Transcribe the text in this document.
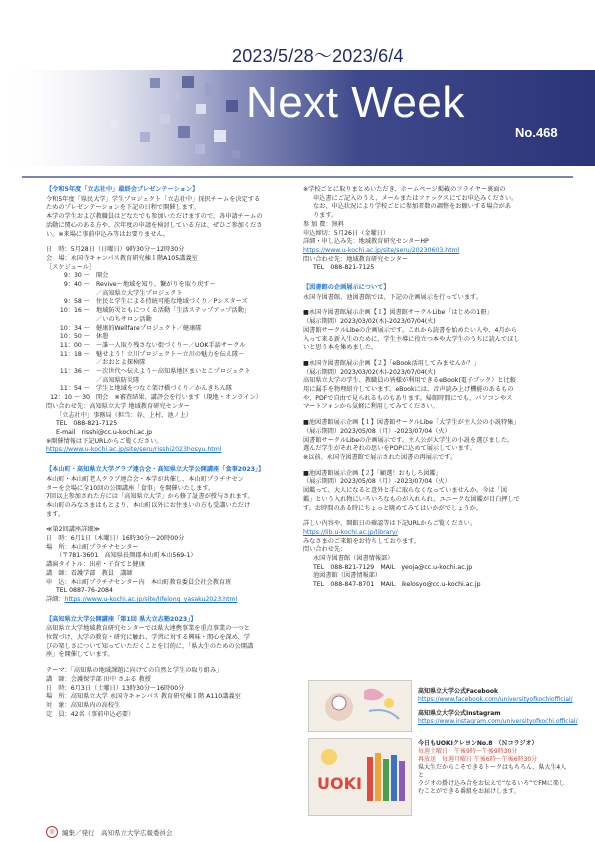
2023/5/28～2023/6/4
Next Week
No.468
【令和5年度「立志社中」最終会プレゼンテーション】

令和5年度「県民大学」学生プロジェクト「立志社中」採択チームを決定する

ためのプレゼンテーションを下記の日程で開催します。

本学の学生および教職員はどなたでも参加いただけますので、各申請チームの

活動に関心のある方や、次年度の申請を検討している方は、ぜひご参加くださ

い。※来場に事前申込み等はお要りません。

日　時：5月28日（日曜日）9時30分～12時30分

会　場：永国寺キャンパス教育研究棟１階A105講義室

［スケジュール］

9：30 〜 開会
9：40 〜 Revive〜地域を知り、繋がりを取り戻す〜
／高知県立大学生プロジェクト
9：58 〜 住民と学生による持続可能な地域づくり／Pシスターズ
10：16 〜 地域防災ともにつくる活動「生活ステップアップ活動」
／いのちサロン活動
10：34 〜 健康的Wellfareプロジェクト／健康隊
10：50 〜 休憩
11：00 〜 〜誰一人取り残さない街づくり〜／UOK手話サークル
11：18 〜 魅せよう！立川プロジェクト〜立川の魅力を伝え隊〜
／おおとよ探検隊
11：36 〜 〜次世代へ伝えよう〜高知県地区まいとこプロジェクト
／高知県防災隊
11：54 〜 学生と地域をつなぐ架け橋づくり／かんきちん隊
12：10 〜 30 閉会　※審査結果、講評会を行います（現地・オンライン）

問い合わせ先：高知県立大学 地域教育研究センター

「立志社中」事務局（担当：谷、上村、池ノ上）

TEL　088-821-7125

E-mail　risshi@cc.u-kochi.ac.jp

※開催情報は下記URLからご覧ください。

https://www.u-kochi.ac.jp/site/seru/risshi2023hosyu.html
【本山町・高知県立大学グラブ連合会・高知県立大学公開講座「食事2023」】

本山町・本山町老人クラブ連合会・本学が共催し、本山町プラチナセン

ターを会場に全10回の公開講座「食事」を開催いたします。

7回以上参加された方には「高知県立大学」から修了証書が授与されます。

本山町のみなさまはもとより、本山町以外にお住まいの方も受講いただけ

ます。

≪第2回講座詳細≫

日　時：6月1日（木曜日）16時30分～20時00分

場　所：本山町プラチナセンター

（〒781-3601　高知県長岡郡本山町本山569-1）

講演タイトル：出産・子育てと健康

講　師：看護学部　教員　講師

申　込：本山町プラチナセンター内　本山町教育委員会社会教育班

TEL 0887-76-2084

詳細：https://www.u-kochi.ac.jp/site/lifelong_yasaku2023.html

【高知県立大学公開講座「第1回 県大立志塾2023」】

高知県立大学地域教育研究センターでは県大連携事業を重点事業の一つと

位置づけ、大学の教育・研究に触れ、学習に対する興味・関心を深め、学

びの楽しさについて知っていただくことを目的に、「県大生のための公開講

座」を開催しています。

テーマ：「高知県の地域課題に向けての自然と学生の取り組み」

講　師：会護保学部 田中 さふる 教授

日　時：6月3日（土曜日）13時30分～16時00分

場　所：高知県立大学 永国寺キャンパス 教育研究棟１階 A110講義室

対　象：高知県内の高校生

定　員：42名（事前申込必要）

◎	編集／発行　高知県立大学広報委員会

※学校ごとに取りまとめいただき、ホームページ掲載のフライヤー裏面の

申込書にご記入のうえ、メールまたはファックスにてお申込みください。

なお、申込状況により学校ごとに参加者数の調整をお願いする場合があ

ります。

参 加 費：無料

申込締切：5月26日（金曜日）

詳細・申し込み先：地域教育研究センターHP

https://www.u-kochi.ac.jp/site/seru/20230603.html

問い合わせ先：地域教育研究センター

TEL　088-821-7125

【図書館の企画展示について】

永国寺図書館、池図書館では、下記の企画展示を行っています。

■永国寺図書館展示企画【１】図書館サークルLibe「はじめの1冊」

（展示期間）2023/03/02(木)-2023/07/04(火)

図書館サークルLibeの企画展示です。これから読書を始めたい人や、4月から

入って来る新入生のために、学生主導に役立つ本や大学生のうちに読んでほし

いと思う本を集めました。

■永国寺図書館展示企画【２】「eBook活用してみませんか？」

（展示期間）2023/03/02(木)-2023/07/04(火)

高知県立大学の学生、教職員の皆様が利用できるeBook(電子ブック）と比較

用に漏手を物理紹介しています。eBookには、音声読み上げ機能のあるもの

や、PDFで自由で見られるものもあります。帰館時間にでも、パソコンやス

マートフォンから気軽に利用してみてください。

■池図書館展示企画【１】図書館サークルLibe「大学生が主人公の小説特集」

（展示期間）2023/05/08（月）-2023/07/04（火）

図書館サークルLibeの企画展示です。主人公が大学生の小説を選びました。

選んだ学生がそれぞれの思いをPOPに込めて展示しています。

※以前、永国寺図書館で展示された図書の再展示です。

■池図書館展示企画【２】「顧選！おもしろ図鑑」

（展示期間）2023/05/08（月）-2023/07/04（火）

図鑑って、大人になると意外と手に取らなくなっていませんか。今は「図

鑑」という入れ物にいろいろなものが入れられ、ユニークな図鑑が目白押しで

す。お時間のある時にちょっと眺めてみてはいかがでしょうか。

詳しい内容や、開館日の確認等は下記URLからご覧ください。

https://lib.u-kochi.ac.jp/library/

みなさまのご来館をお待ちしております。

問い合わせ先：

永国寺図書館（図書情報部）

TEL　088-821-7129　MAIL　yeoja@cc.u-kochi.ac.jp

池図書館（図書情報部）

TEL　088-847-8701　MAIL　ikelosyo@cc.u-kochi.ac.jp

高知県立大学公式Facebook
https://www.facebook.com/universityofkochiofficial/
高知県立大学公式Instagram
https://www.instagram.com/universityofkochi.official/
UOKI
今日もUOKIクレヨンNo.8　（Ｎコラジオ）
毎週土曜日　午後9時～午後9時30分
再放送　毎週月曜日 午後6時～午後6時30分
県大生だからこそできるトークはもちろん、県大生4人と
ラジオの掛け込み合をお伝えで“なるいろ”でFMに楽し
むことができる番組をお届けします。
